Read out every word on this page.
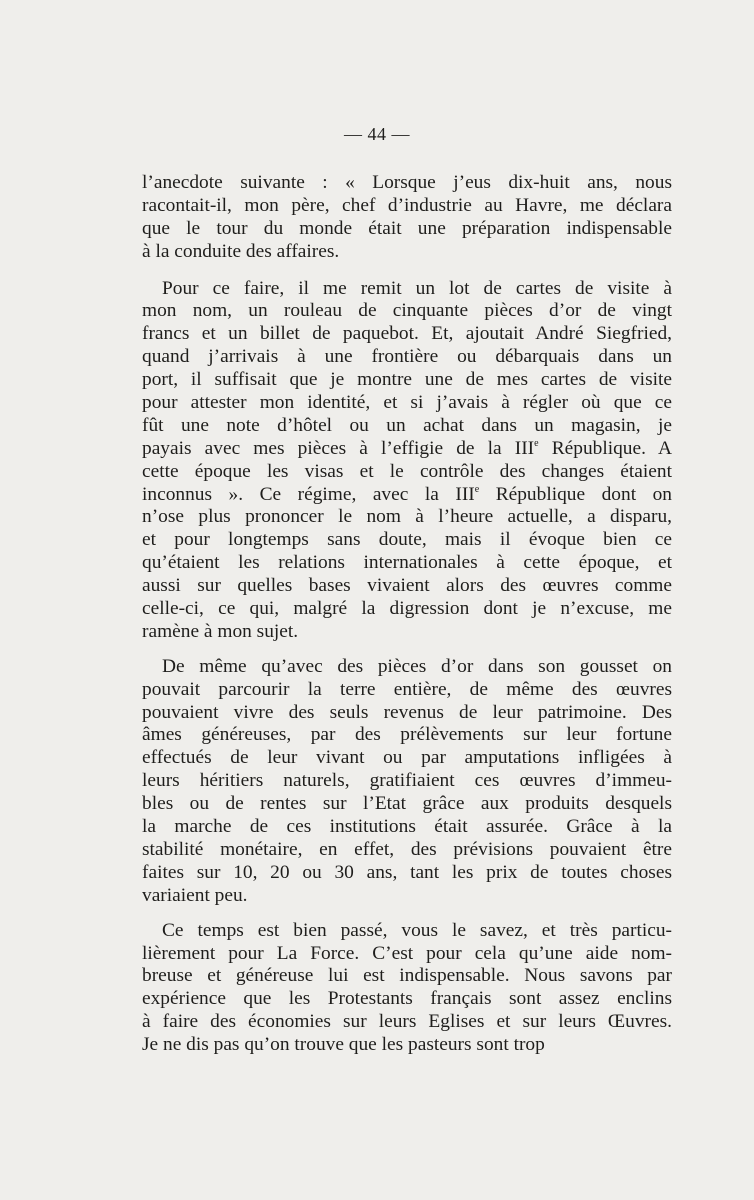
— 44 —
l’anecdote suivante : « Lorsque j’eus dix-huit ans, nous
racontait-il, mon père, chef d’industrie au Havre, me déclara
que le tour du monde était une préparation indispensable
à la conduite des affaires.
Pour ce faire, il me remit un lot de cartes de visite à
mon nom, un rouleau de cinquante pièces d’or de vingt
francs et un billet de paquebot. Et, ajoutait André Siegfried,
quand j’arrivais à une frontière ou débarquais dans un
port, il suffisait que je montre une de mes cartes de visite
pour attester mon identité, et si j’avais à régler où que ce
fût une note d’hôtel ou un achat dans un magasin, je
payais avec mes pièces à l’effigie de la IIIe République. A
cette époque les visas et le contrôle des changes étaient
inconnus ». Ce régime, avec la IIIe République dont on
n’ose plus prononcer le nom à l’heure actuelle, a disparu,
et pour longtemps sans doute, mais il évoque bien ce
qu’étaient les relations internationales à cette époque, et
aussi sur quelles bases vivaient alors des œuvres comme
celle-ci, ce qui, malgré la digression dont je n’excuse, me
ramène à mon sujet.
De même qu’avec des pièces d’or dans son gousset on
pouvait parcourir la terre entière, de même des œuvres
pouvaient vivre des seuls revenus de leur patrimoine. Des
âmes généreuses, par des prélèvements sur leur fortune
effectués de leur vivant ou par amputations infligées à
leurs héritiers naturels, gratifiaient ces œuvres d’immeu-
bles ou de rentes sur l’Etat grâce aux produits desquels
la marche de ces institutions était assurée. Grâce à la
stabilité monétaire, en effet, des prévisions pouvaient être
faites sur 10, 20 ou 30 ans, tant les prix de toutes choses
variaient peu.
Ce temps est bien passé, vous le savez, et très particu-
lièrement pour La Force. C’est pour cela qu’une aide nom-
breuse et généreuse lui est indispensable. Nous savons par
expérience que les Protestants français sont assez enclins
à faire des économies sur leurs Eglises et sur leurs Œuvres.
Je ne dis pas qu’on trouve que les pasteurs sont trop
